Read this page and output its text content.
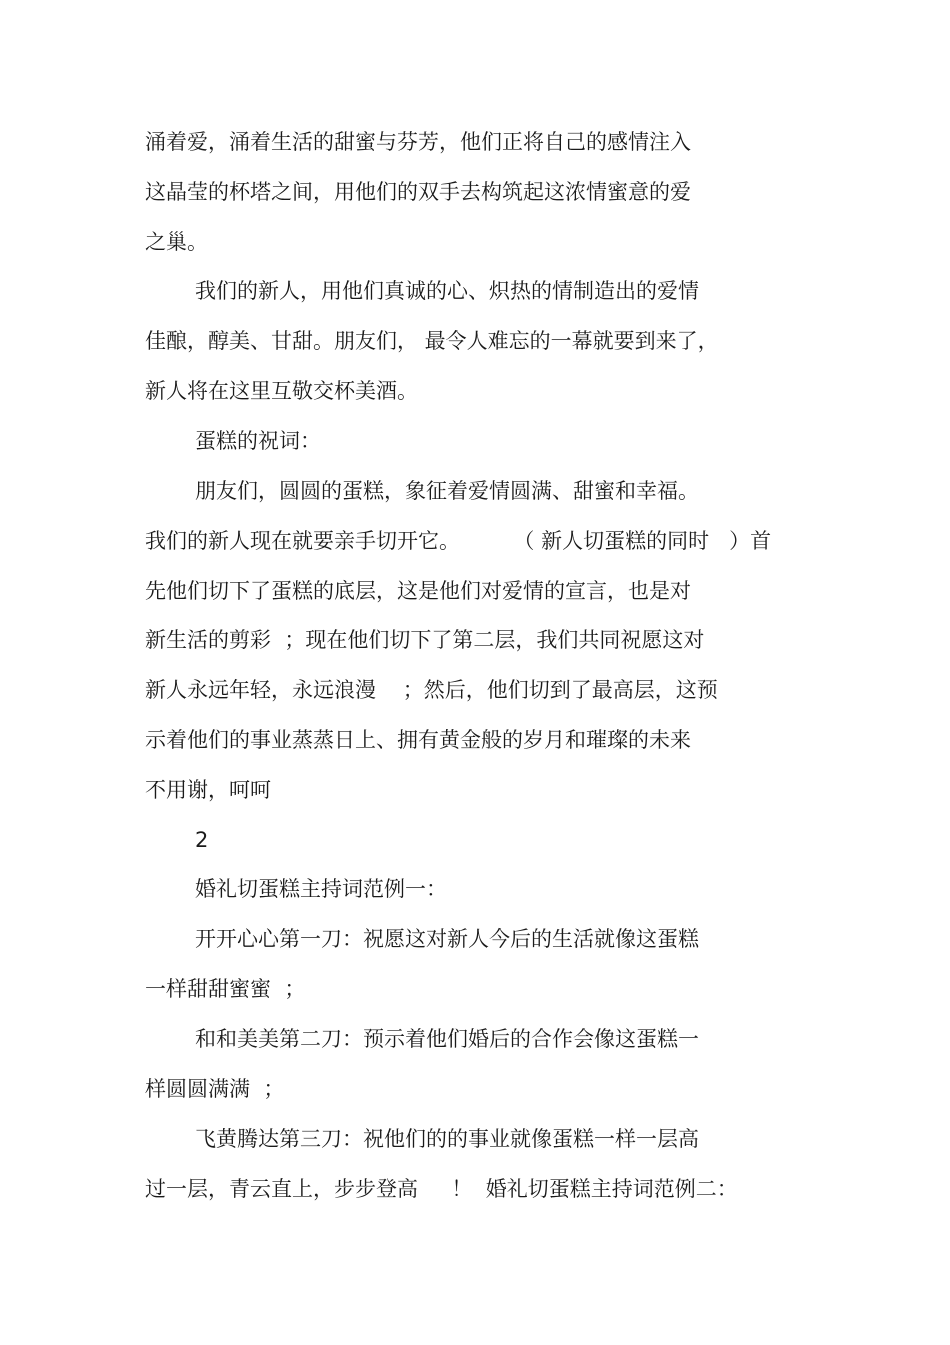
涌着爱，涌着生活的甜蜜与芬芳，他们正将自己的感情注入
这晶莹的杯塔之间，用他们的双手去构筑起这浓情蜜意的爱
之巢。
我们的新人，用他们真诚的心、炽热的情制造出的爱情
佳酿，醇美、甘甜。朋友们， 最令人难忘的一幕就要到来了，
新人将在这里互敬交杯美酒。
蛋糕的祝词：
朋友们，圆圆的蛋糕，象征着爱情圆满、甜蜜和幸福。
我们的新人现在就要亲手切开它。        （ 新人切蛋糕的同时   ）首
先他们切下了蛋糕的底层，这是他们对爱情的宣言，也是对
新生活的剪彩  ；现在他们切下了第二层，我们共同祝愿这对
新人永远年轻，永远浪漫    ；然后，他们切到了最高层，这预
示着他们的事业蒸蒸日上、拥有黄金般的岁月和璀璨的未来
不用谢，呵呵
2
婚礼切蛋糕主持词范例一：
开开心心第一刀：祝愿这对新人今后的生活就像这蛋糕
一样甜甜蜜蜜  ；
和和美美第二刀：预示着他们婚后的合作会像这蛋糕一
样圆圆满满  ；
飞黄腾达第三刀：祝他们的的事业就像蛋糕一样一层高
过一层，青云直上，步步登高     ！  婚礼切蛋糕主持词范例二：
